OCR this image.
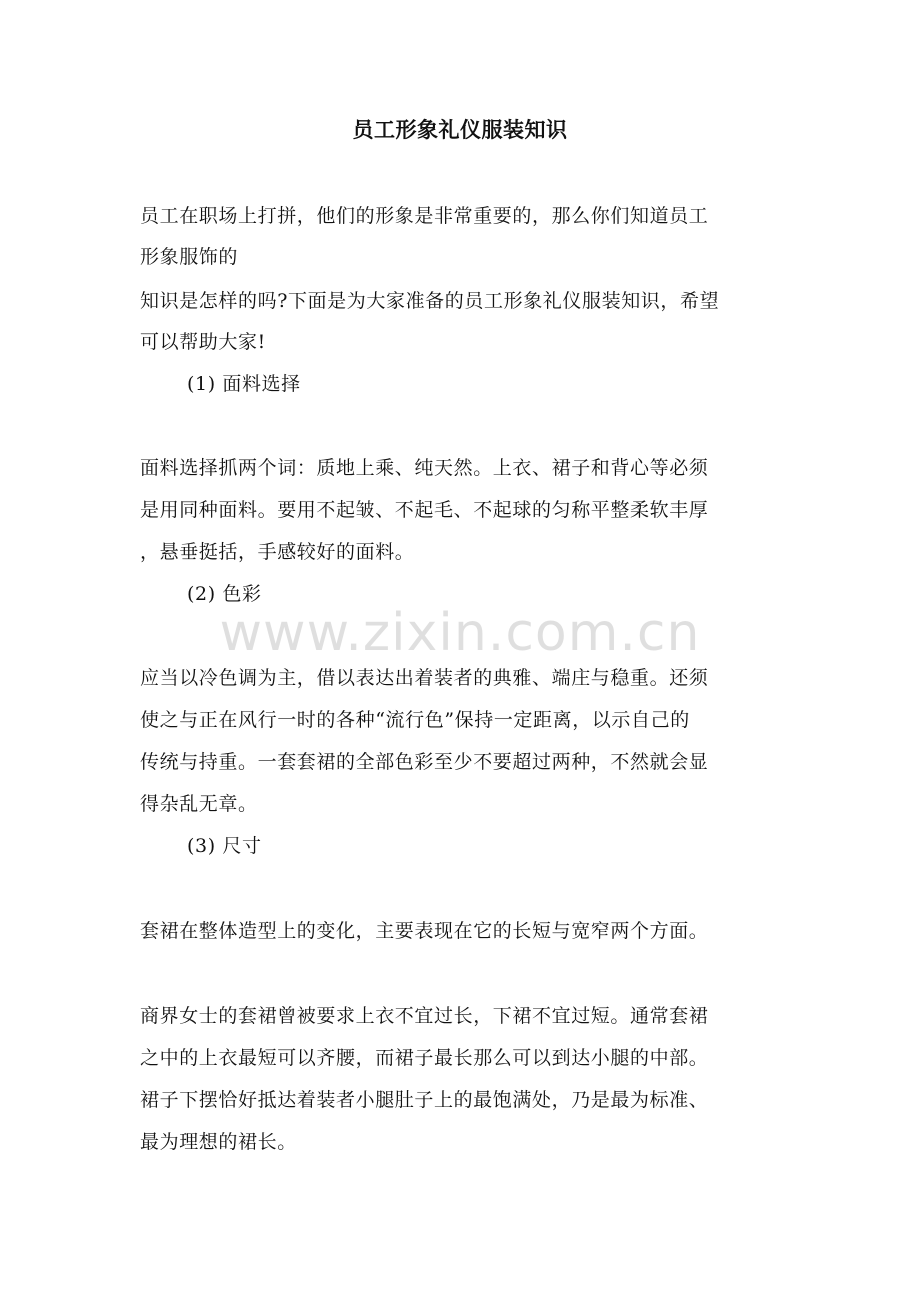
员工形象礼仪服装知识
员工在职场上打拼，他们的形象是非常重要的，那么你们知道员工
形象服饰的
知识是怎样的吗?下面是为大家准备的员工形象礼仪服装知识，希望
可以帮助大家!
(1) 面料选择
面料选择抓两个词：质地上乘、纯天然。上衣、裙子和背心等必须
是用同种面料。要用不起皱、不起毛、不起球的匀称平整柔软丰厚
，悬垂挺括，手感较好的面料。
(2) 色彩
应当以冷色调为主，借以表达出着装者的典雅、端庄与稳重。还须
使之与正在风行一时的各种“流行色”保持一定距离，以示自己的
传统与持重。一套套裙的全部色彩至少不要超过两种，不然就会显
得杂乱无章。
(3) 尺寸
套裙在整体造型上的变化，主要表现在它的长短与宽窄两个方面。
商界女士的套裙曾被要求上衣不宜过长，下裙不宜过短。通常套裙
之中的上衣最短可以齐腰，而裙子最长那么可以到达小腿的中部。
裙子下摆恰好抵达着装者小腿肚子上的最饱满处，乃是最为标准、
最为理想的裙长。
www.zixin.com.cn
